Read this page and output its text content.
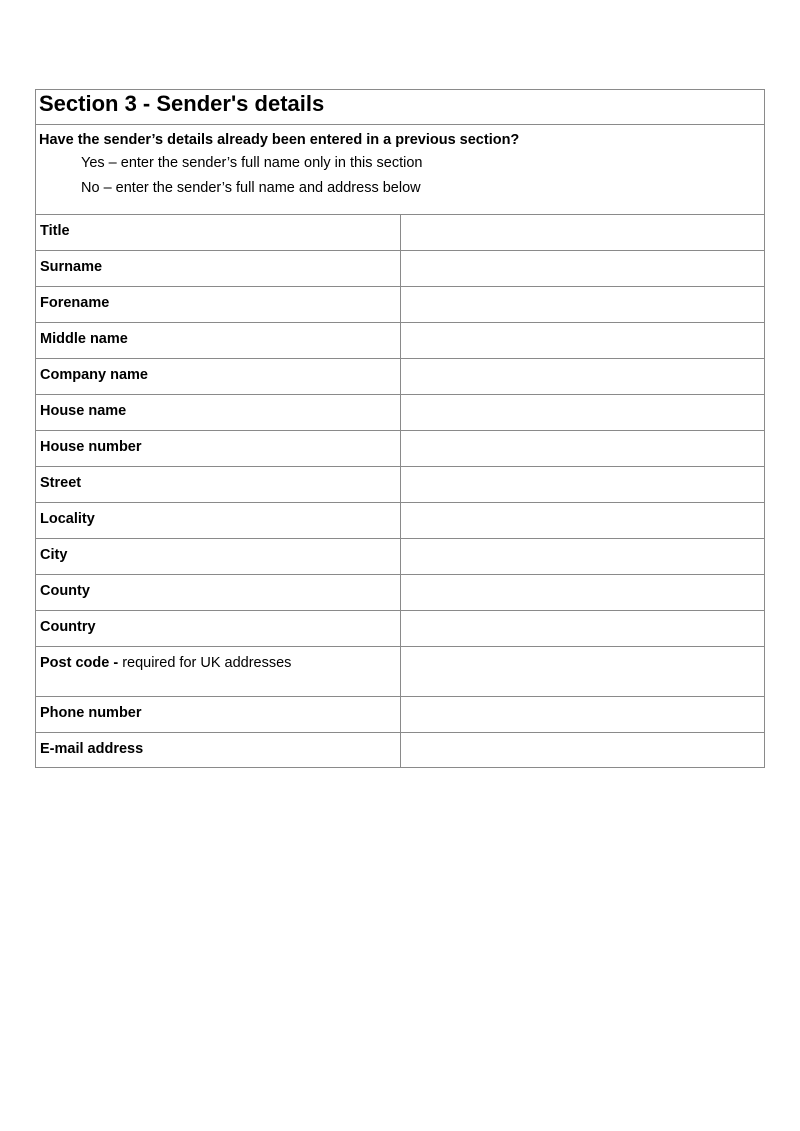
Section 3 - Sender's details	

Have the sender’s details already been entered in a previous section?
Yes – enter the sender’s full name only in this section
No – enter the sender’s full name and address below	

Title	
Surname	
Forename	
Middle name	
Company name	
House name	
House number	
Street	
Locality	
City	
County	
Country	
Post code - required for UK addresses	
Phone number	
E-mail address	
